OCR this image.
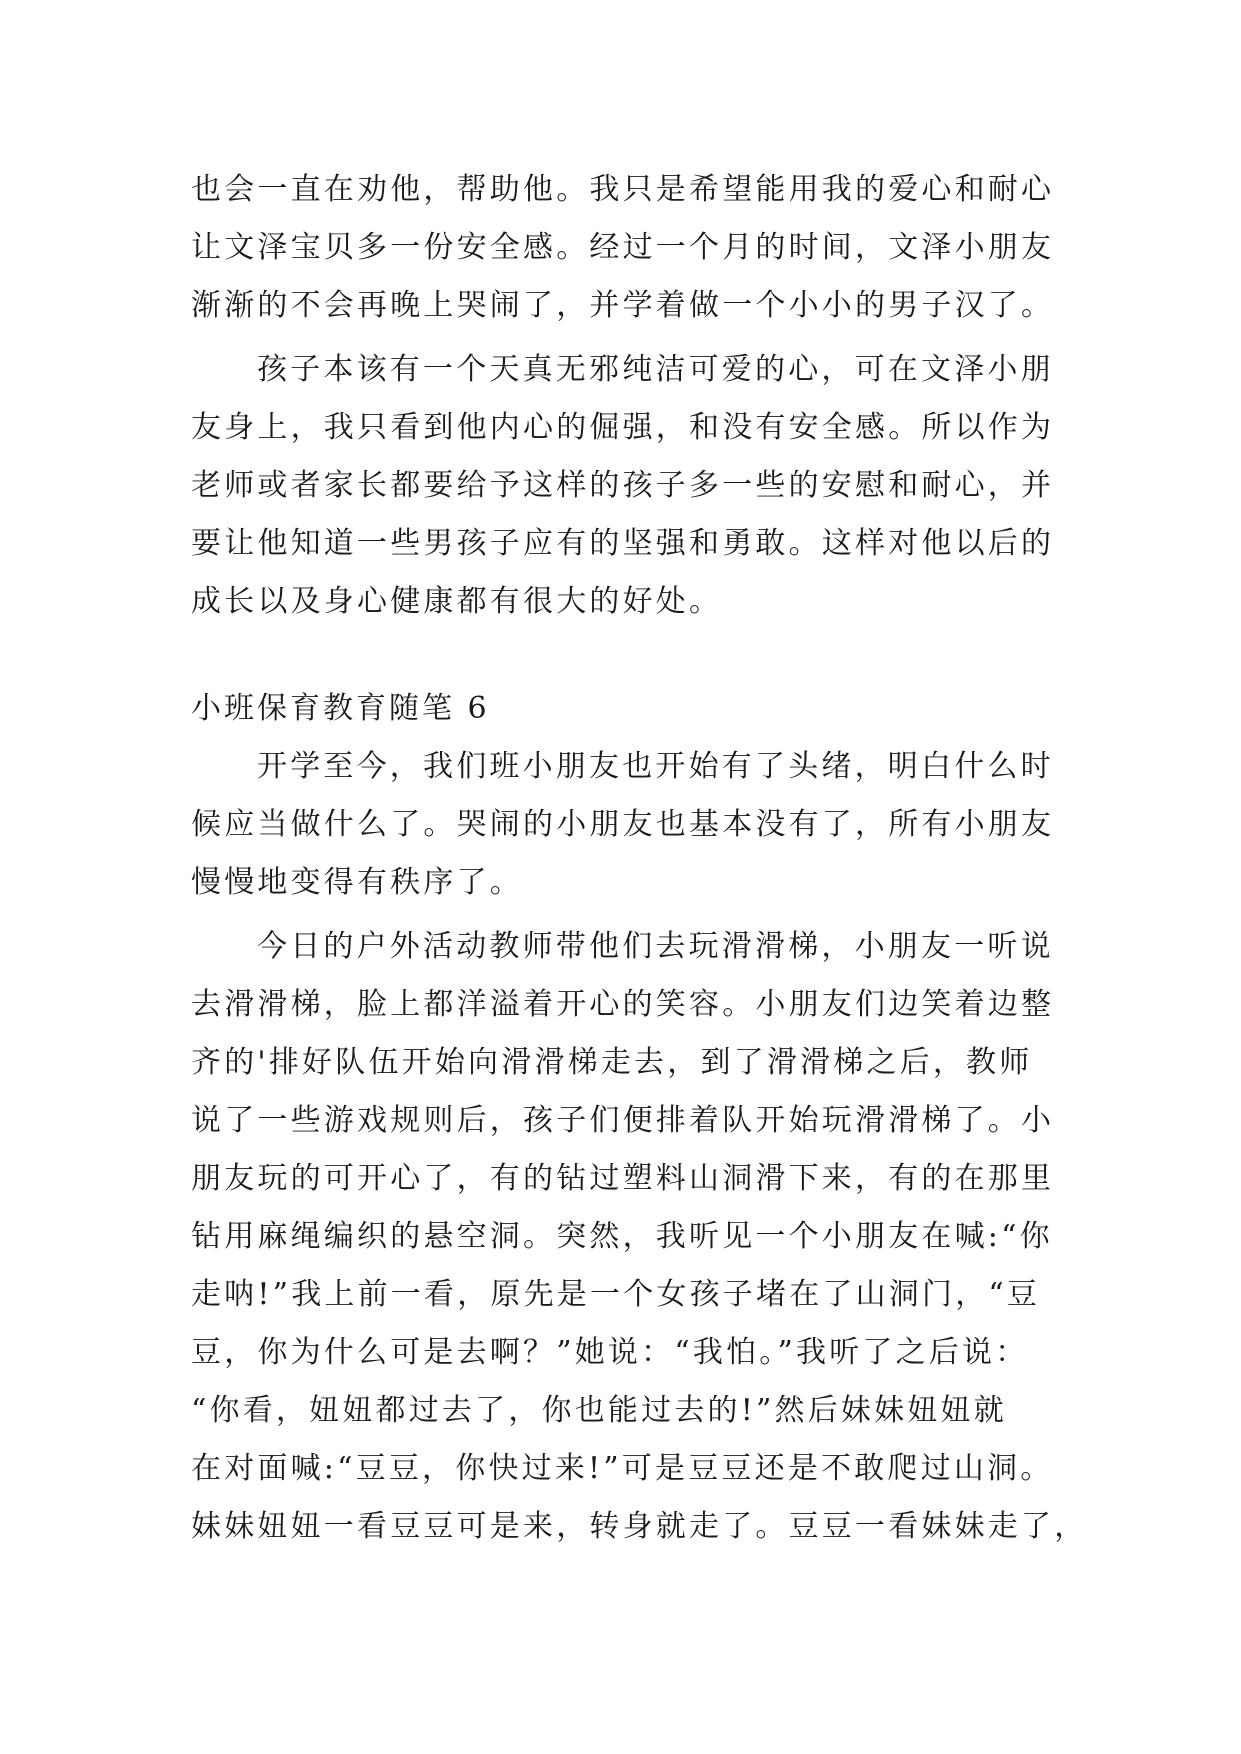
也会一直在劝他，帮助他。我只是希望能用我的爱心和耐心
让文泽宝贝多一份安全感。经过一个月的时间，文泽小朋友
渐渐的不会再晚上哭闹了，并学着做一个小小的男子汉了。
孩子本该有一个天真无邪纯洁可爱的心，可在文泽小朋
友身上，我只看到他内心的倔强，和没有安全感。所以作为
老师或者家长都要给予这样的孩子多一些的安慰和耐心，并
要让他知道一些男孩子应有的坚强和勇敢。这样对他以后的
成长以及身心健康都有很大的好处。
小班保育教育随笔 6
开学至今，我们班小朋友也开始有了头绪，明白什么时
候应当做什么了。哭闹的小朋友也基本没有了，所有小朋友
慢慢地变得有秩序了。
今日的户外活动教师带他们去玩滑滑梯，小朋友一听说
去滑滑梯，脸上都洋溢着开心的笑容。小朋友们边笑着边整
齐的'排好队伍开始向滑滑梯走去，到了滑滑梯之后，教师
说了一些游戏规则后，孩子们便排着队开始玩滑滑梯了。小
朋友玩的可开心了，有的钻过塑料山洞滑下来，有的在那里
钻用麻绳编织的悬空洞。突然，我听见一个小朋友在喊:“你
走呐!”我上前一看，原先是一个女孩子堵在了山洞门，“豆
豆，你为什么可是去啊？”她说：“我怕。”我听了之后说：
“你看，妞妞都过去了，你也能过去的!”然后妹妹妞妞就
在对面喊:“豆豆，你快过来!”可是豆豆还是不敢爬过山洞。
妹妹妞妞一看豆豆可是来，转身就走了。豆豆一看妹妹走了，
